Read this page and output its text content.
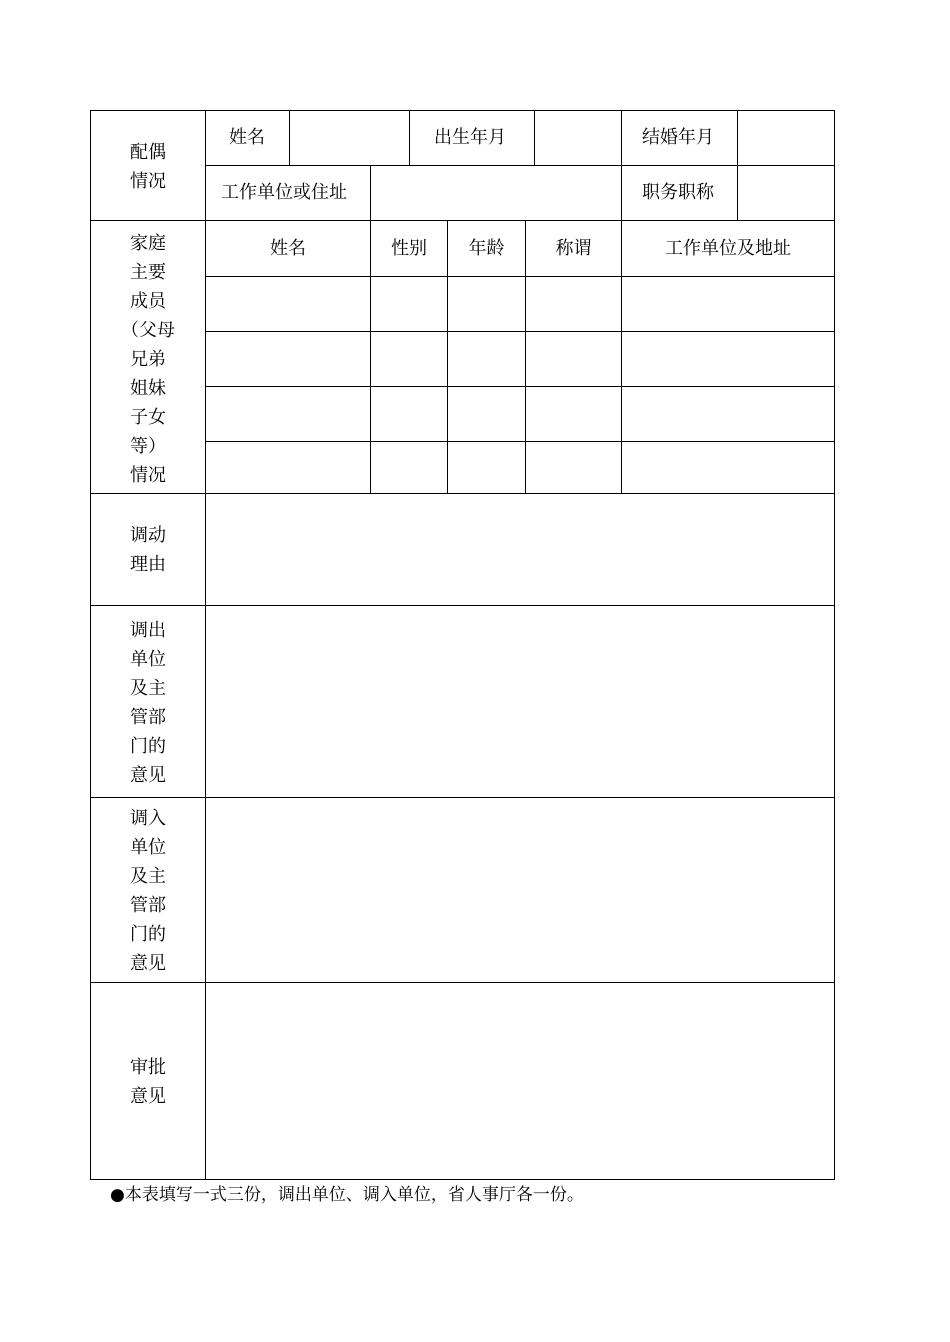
配偶
情况
姓名	出生年月	结婚年月
工作单位或住址	职务职称
家庭
主要
成员
（父母
兄弟
姐妹
子女
等）
情况
姓名	性别	年龄	称谓	工作单位及地址
调动
理由
调出
单位
及主
管部
门的
意见
调入
单位
及主
管部
门的
意见
审批
意见
●本表填写一式三份，调出单位、调入单位，省人事厅各一份。
